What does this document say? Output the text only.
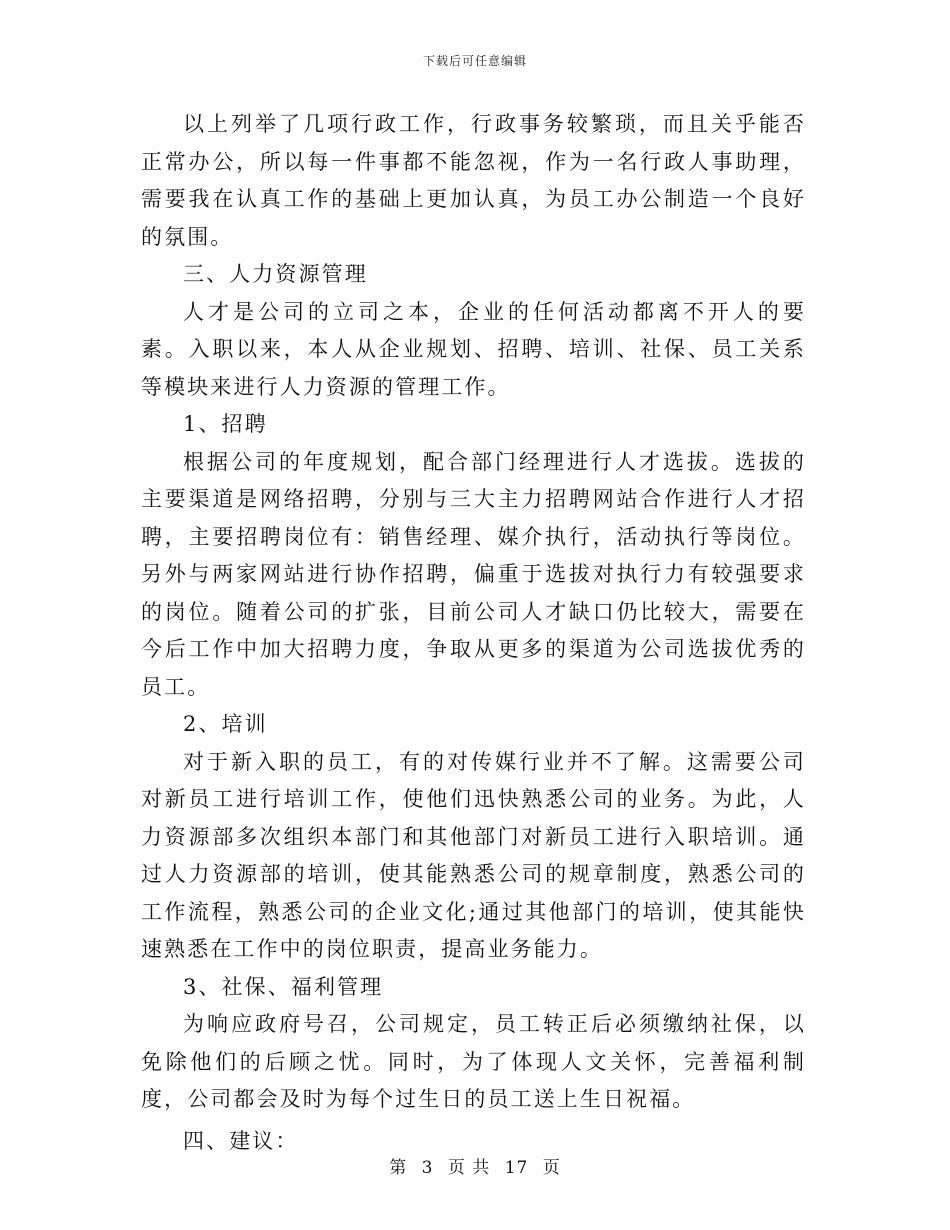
下载后可任意编辑

以上列举了几项行政工作，行政事务较繁琐，而且关乎能否正常办公，所以每一件事都不能忽视，作为一名行政人事助理，需要我在认真工作的基础上更加认真，为员工办公制造一个良好的氛围。

三、人力资源管理

人才是公司的立司之本，企业的任何活动都离不开人的要素。入职以来，本人从企业规划、招聘、培训、社保、员工关系等模块来进行人力资源的管理工作。

1、招聘

根据公司的年度规划，配合部门经理进行人才选拔。选拔的主要渠道是网络招聘，分别与三大主力招聘网站合作进行人才招聘，主要招聘岗位有：销售经理、媒介执行，活动执行等岗位。另外与两家网站进行协作招聘，偏重于选拔对执行力有较强要求的岗位。随着公司的扩张，目前公司人才缺口仍比较大，需要在今后工作中加大招聘力度，争取从更多的渠道为公司选拔优秀的员工。

2、培训

对于新入职的员工，有的对传媒行业并不了解。这需要公司对新员工进行培训工作，使他们迅快熟悉公司的业务。为此，人力资源部多次组织本部门和其他部门对新员工进行入职培训。通过人力资源部的培训，使其能熟悉公司的规章制度，熟悉公司的工作流程，熟悉公司的企业文化;通过其他部门的培训，使其能快速熟悉在工作中的岗位职责，提高业务能力。

3、社保、福利管理

为响应政府号召，公司规定，员工转正后必须缴纳社保，以免除他们的后顾之忧。同时，为了体现人文关怀，完善福利制度，公司都会及时为每个过生日的员工送上生日祝福。

四、建议：

第 3 页 共 17 页
